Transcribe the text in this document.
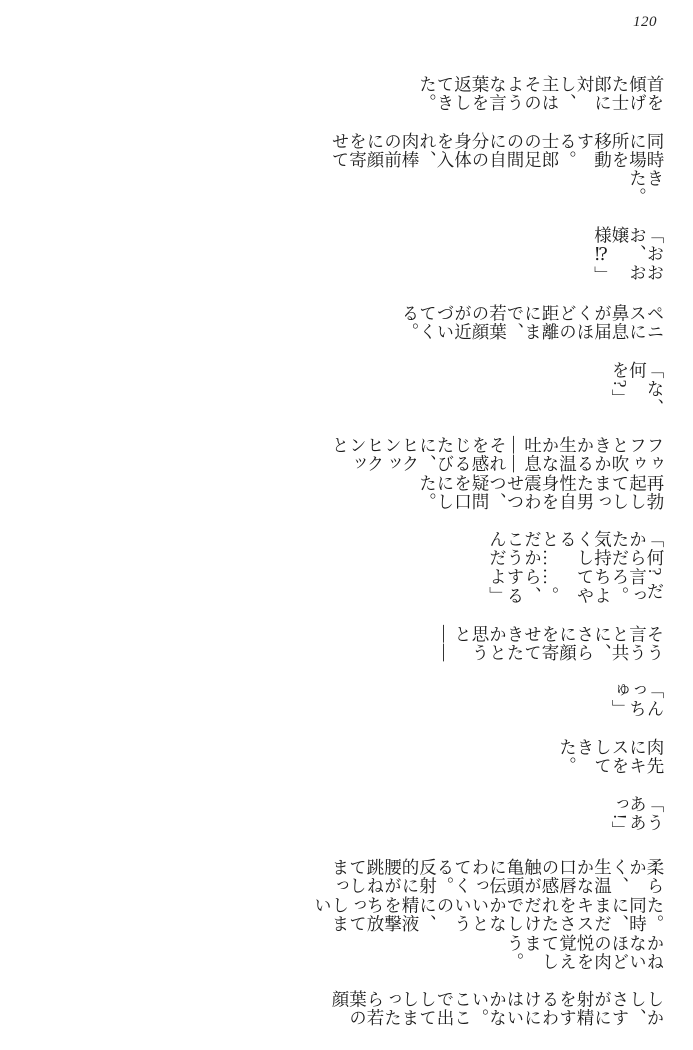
120
首を傾げた士郎に対し、主はそのような言葉を返してきた。
同時に場所を移動する。士郎の足の間に自分の身体を入れ、肉棒の前に顔を寄せて
きた。
「おおお、お嬢様⁉」
ペニスに鼻息が届くほどの距離にまで、若葉の顔が近づいてくる。
「な、何を?」
フゥフゥと吹きかかる生温かな吐息——それを感じるたびに、ヒクンッヒクンッと
再勃起してしまった男性自身を震わせつつ、疑問を口にした。
「何? だから言っただろ。気持ちよくしてやると……。だから、こうするんだよ」
そう言うと共に、さらに顔を寄せてきたかと思うと——
「んっちゅ」
肉先にキスをしてきた。
「うああっ!」
柔らかく、生温かな口唇の感触が亀頭に伝わってくる。反射的に腰が跳ねてしまっ
た。同時に、まだキスをされただけでしかないというのに、精液を撃ち放ってしまい
かねないほどの肉悦を覚えてしまう。
しかし、さすがに射精をするわけにはいかない。ここで出してしまったら若葉の顔
